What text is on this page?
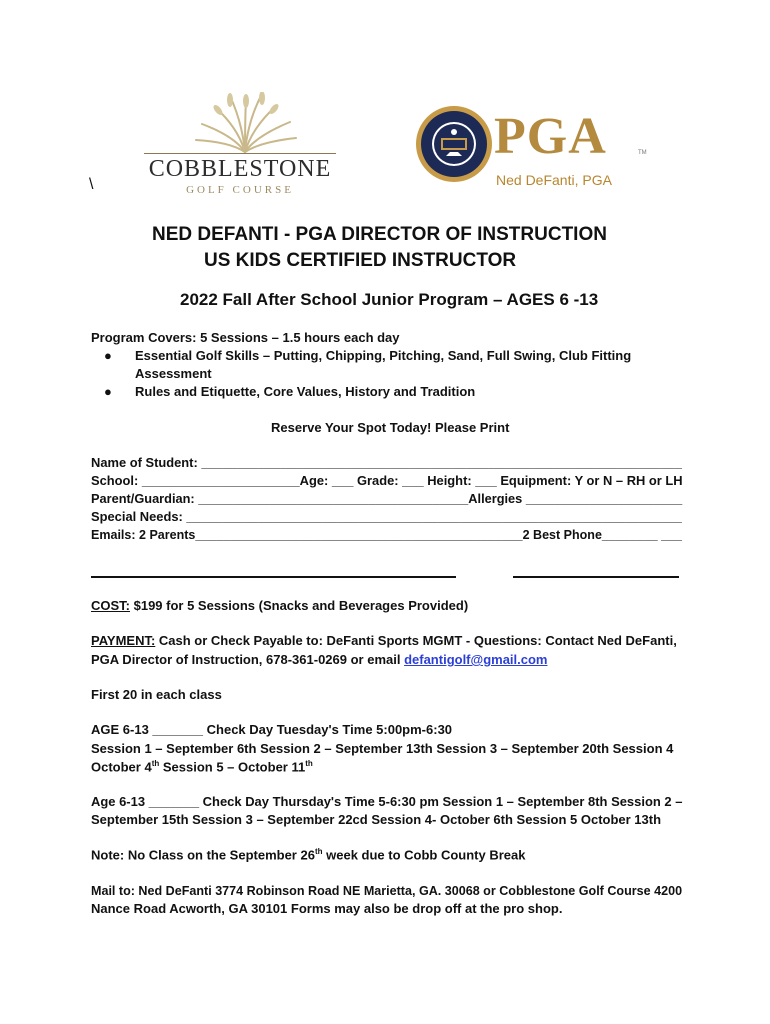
COBBLESTONE
GOLF COURSE
\
PGA	TM
Ned DeFanti, PGA
NED DEFANTI - PGA DIRECTOR OF INSTRUCTION
US KIDS CERTIFIED INSTRUCTOR
2022 Fall After School Junior Program – AGES 6 -13
Program Covers: 5 Sessions – 1.5 hours each day
● Essential Golf Skills – Putting, Chipping, Pitching, Sand, Full Swing, Club Fitting
Assessment
● Rules and Etiquette, Core Values, History and Tradition
Reserve Your Spot Today! Please Print
Name of Student: ___________________________________________________________________
School: ______________________Age: ___ Grade: ___ Height: ___ Equipment: Y or N – RH or LH
Parent/Guardian: ______________________________________Allergies ______________________
Special Needs: _____________________________________________________________________
Emails: 2 Parents_______________________________________________2 Best Phone________ ___
COST: $199 for 5 Sessions (Snacks and Beverages Provided)
PAYMENT: Cash or Check Payable to: DeFanti Sports MGMT - Questions: Contact Ned DeFanti,
PGA Director of Instruction, 678-361-0269 or email defantigolf@gmail.com
First 20 in each class
AGE 6-13 _______ Check Day Tuesday's Time 5:00pm-6:30
Session 1 – September 6th Session 2 – September 13th Session 3 – September 20th Session 4
October 4th Session 5 – October 11th
Age 6-13 _______ Check Day Thursday's Time 5-6:30 pm Session 1 – September 8th Session 2 –
September 15th Session 3 – September 22cd Session 4- October 6th Session 5 October 13th
Note: No Class on the September 26th week due to Cobb County Break
Mail to: Ned DeFanti 3774 Robinson Road NE Marietta, GA. 30068 or Cobblestone Golf Course 4200
Nance Road Acworth, GA 30101 Forms may also be drop off at the pro shop.
